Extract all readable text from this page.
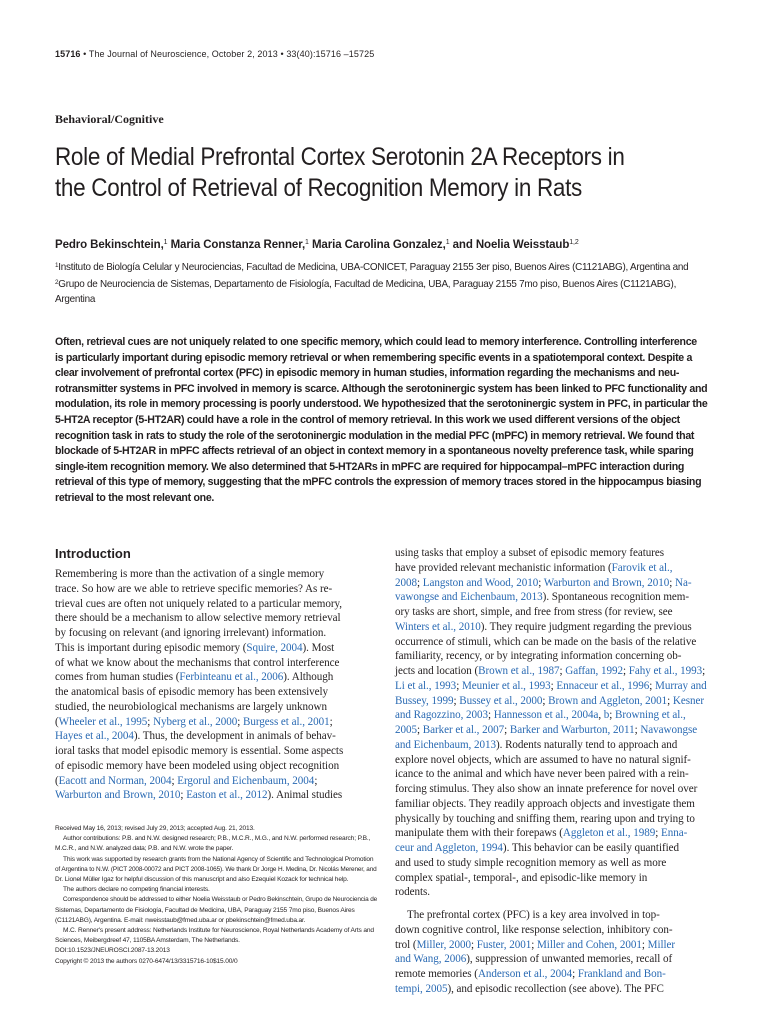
15716 • The Journal of Neuroscience, October 2, 2013 • 33(40):15716 –15725
Behavioral/Cognitive
Role of Medial Prefrontal Cortex Serotonin 2A Receptors in
the Control of Retrieval of Recognition Memory in Rats
Pedro Bekinschtein,$^1$ Maria Constanza Renner,$^1$ Maria Carolina Gonzalez,$^1$ and Noelia Weisstaub$^{1,2}$
$^1$Instituto de Biología Celular y Neurociencias, Facultad de Medicina, UBA-CONICET, Paraguay 2155 3er piso, Buenos Aires (C1121ABG), Argentina and
$^2$Grupo de Neurociencia de Sistemas, Departamento de Fisiología, Facultad de Medicina, UBA, Paraguay 2155 7mo piso, Buenos Aires (C1121ABG),
Argentina
Often, retrieval cues are not uniquely related to one specific memory, which could lead to memory interference. Controlling interference
is particularly important during episodic memory retrieval or when remembering specific events in a spatiotemporal context. Despite a
clear involvement of prefrontal cortex (PFC) in episodic memory in human studies, information regarding the mechanisms and neu-
rotransmitter systems in PFC involved in memory is scarce. Although the serotoninergic system has been linked to PFC functionality and
modulation, its role in memory processing is poorly understood. We hypothesized that the serotoninergic system in PFC, in particular the
5-HT2A receptor (5-HT2AR) could have a role in the control of memory retrieval. In this work we used different versions of the object
recognition task in rats to study the role of the serotoninergic modulation in the medial PFC (mPFC) in memory retrieval. We found that
blockade of 5-HT2AR in mPFC affects retrieval of an object in context memory in a spontaneous novelty preference task, while sparing
single-item recognition memory. We also determined that 5-HT2ARs in mPFC are required for hippocampal–mPFC interaction during
retrieval of this type of memory, suggesting that the mPFC controls the expression of memory traces stored in the hippocampus biasing
retrieval to the most relevant one.
Introduction
Remembering is more than the activation of a single memory
trace. So how are we able to retrieve specific memories? As re-
trieval cues are often not uniquely related to a particular memory,
there should be a mechanism to allow selective memory retrieval
by focusing on relevant (and ignoring irrelevant) information.
This is important during episodic memory (Squire, 2004). Most
of what we know about the mechanisms that control interference
comes from human studies (Ferbinteanu et al., 2006). Although
the anatomical basis of episodic memory has been extensively
studied, the neurobiological mechanisms are largely unknown
(Wheeler et al., 1995; Nyberg et al., 2000; Burgess et al., 2001;
Hayes et al., 2004). Thus, the development in animals of behav-
ioral tasks that model episodic memory is essential. Some aspects
of episodic memory have been modeled using object recognition
(Eacott and Norman, 2004; Ergorul and Eichenbaum, 2004;
Warburton and Brown, 2010; Easton et al., 2012). Animal studies
using tasks that employ a subset of episodic memory features
have provided relevant mechanistic information (Farovik et al.,
2008; Langston and Wood, 2010; Warburton and Brown, 2010; Na-
vawongse and Eichenbaum, 2013). Spontaneous recognition mem-
ory tasks are short, simple, and free from stress (for review, see
Winters et al., 2010). They require judgment regarding the previous
occurrence of stimuli, which can be made on the basis of the relative
familiarity, recency, or by integrating information concerning ob-
jects and location (Brown et al., 1987; Gaffan, 1992; Fahy et al., 1993;
Li et al., 1993; Meunier et al., 1993; Ennaceur et al., 1996; Murray and
Bussey, 1999; Bussey et al., 2000; Brown and Aggleton, 2001; Kesner
and Ragozzino, 2003; Hannesson et al., 2004a, b; Browning et al.,
2005; Barker et al., 2007; Barker and Warburton, 2011; Navawongse
and Eichenbaum, 2013). Rodents naturally tend to approach and
explore novel objects, which are assumed to have no natural signif-
icance to the animal and which have never been paired with a rein-
forcing stimulus. They also show an innate preference for novel over
familiar objects. They readily approach objects and investigate them
physically by touching and sniffing them, rearing upon and trying to
manipulate them with their forepaws (Aggleton et al., 1989; Enna-
ceur and Aggleton, 1994). This behavior can be easily quantified
and used to study simple recognition memory as well as more
complex spatial-, temporal-, and episodic-like memory in
rodents.
The prefrontal cortex (PFC) is a key area involved in top-
down cognitive control, like response selection, inhibitory con-
trol (Miller, 2000; Fuster, 2001; Miller and Cohen, 2001; Miller
and Wang, 2006), suppression of unwanted memories, recall of
remote memories (Anderson et al., 2004; Frankland and Bon-
tempi, 2005), and episodic recollection (see above). The PFC
Received May 16, 2013; revised July 29, 2013; accepted Aug. 21, 2013.
Author contributions: P.B. and N.W. designed research; P.B., M.C.R., M.G., and N.W. performed research; P.B.,
M.C.R., and N.W. analyzed data; P.B. and N.W. wrote the paper.
This work was supported by research grants from the National Agency of Scientific and Technological Promotion
of Argentina to N.W. (PICT 2008-00072 and PICT 2008-1065). We thank Dr Jorge H. Medina, Dr. Nicolás Merener, and
Dr. Lionel Müller Igaz for helpful discussion of this manuscript and also Ezequiel Kozack for technical help.
The authors declare no competing financial interests.
Correspondence should be addressed to either Noelia Weisstaub or Pedro Bekinschtein, Grupo de Neurociencia de
Sistemas, Departamento de Fisiología, Facultad de Medicina, UBA, Paraguay 2155 7mo piso, Buenos Aires
(C1121ABG), Argentina. E-mail: nweisstaub@fmed.uba.ar or pbekinschtein@fmed.uba.ar.
M.C. Renner's present address: Netherlands Institute for Neuroscience, Royal Netherlands Academy of Arts and
Sciences, Meibergdreef 47, 1105BA Amsterdam, The Netherlands.
DOI:10.1523/JNEUROSCI.2087-13.2013
Copyright © 2013 the authors 0270-6474/13/3315716-10$15.00/0
